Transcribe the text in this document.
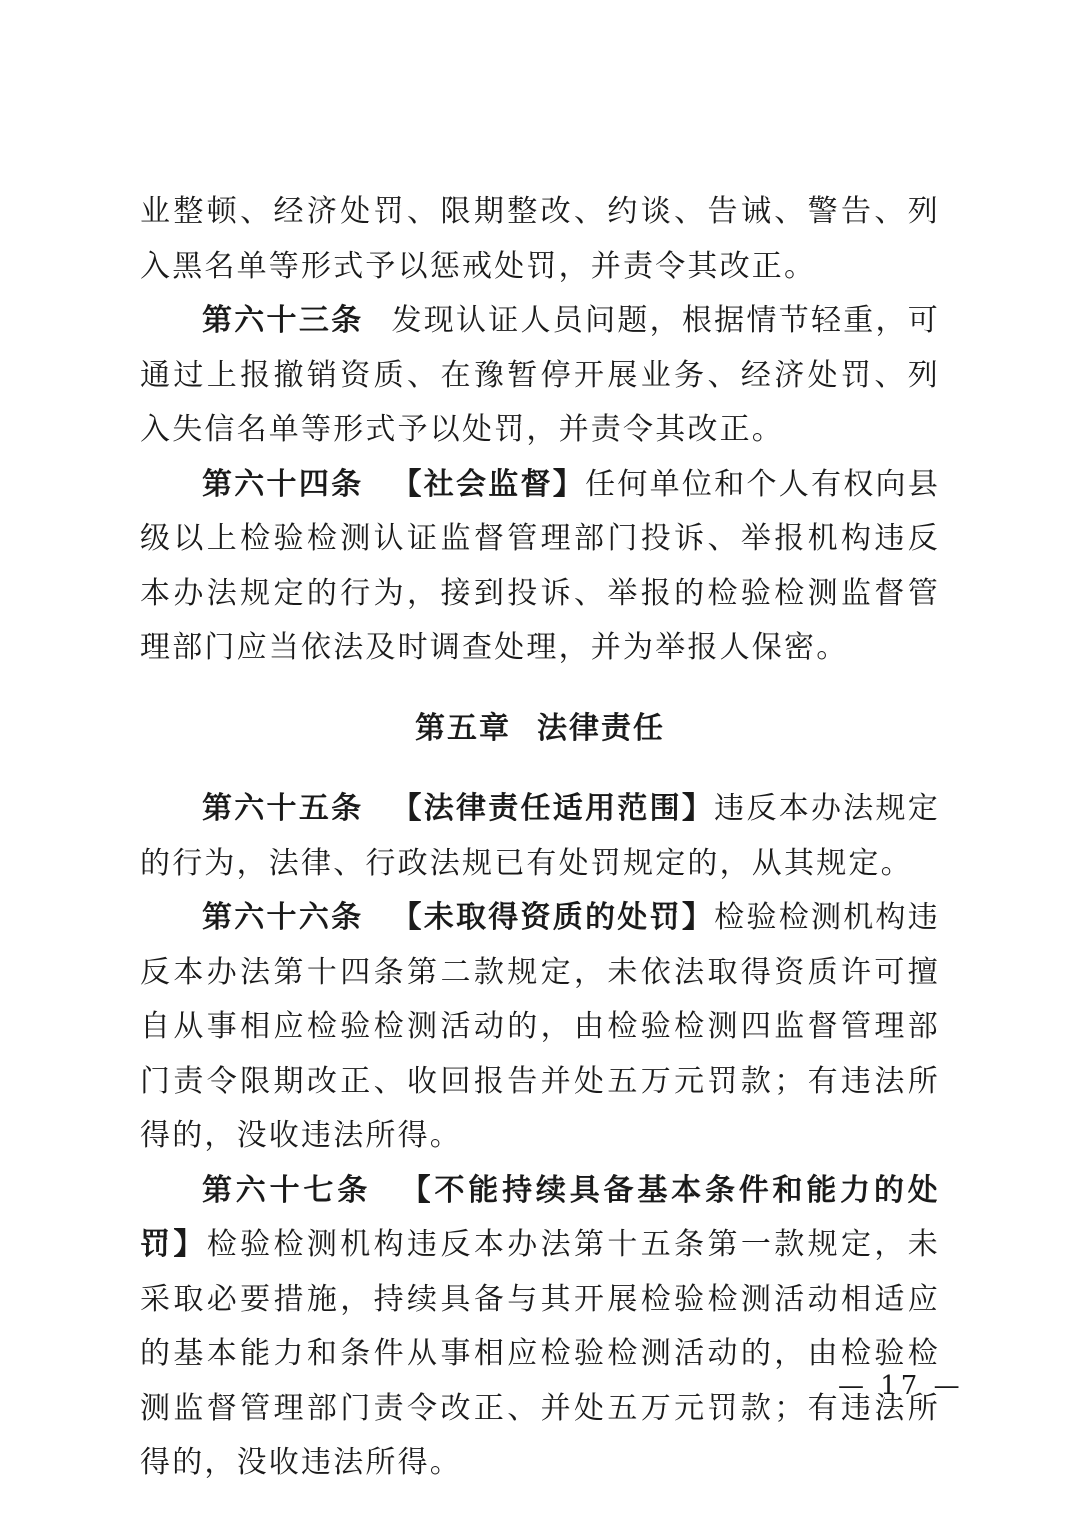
业整顿、经济处罚、限期整改、约谈、告诫、警告、列入黑名单等形式予以惩戒处罚，并责令其改正。

第六十三条 发现认证人员问题，根据情节轻重，可通过上报撤销资质、在豫暂停开展业务、经济处罚、列入失信名单等形式予以处罚，并责令其改正。

第六十四条 【社会监督】任何单位和个人有权向县级以上检验检测认证监督管理部门投诉、举报机构违反本办法规定的行为，接到投诉、举报的检验检测监督管理部门应当依法及时调查处理，并为举报人保密。

第五章 法律责任

第六十五条 【法律责任适用范围】违反本办法规定的行为，法律、行政法规已有处罚规定的，从其规定。

第六十六条 【未取得资质的处罚】检验检测机构违反本办法第十四条第二款规定，未依法取得资质许可擅自从事相应检验检测活动的，由检验检测四监督管理部门责令限期改正、收回报告并处五万元罚款；有违法所得的，没收违法所得。

第六十七条 【不能持续具备基本条件和能力的处罚】检验检测机构违反本办法第十五条第一款规定，未采取必要措施，持续具备与其开展检验检测活动相适应的基本能力和条件从事相应检验检测活动的，由检验检测监督管理部门责令改正、并处五万元罚款；有违法所得的，没收违法所得。

— 17 —
